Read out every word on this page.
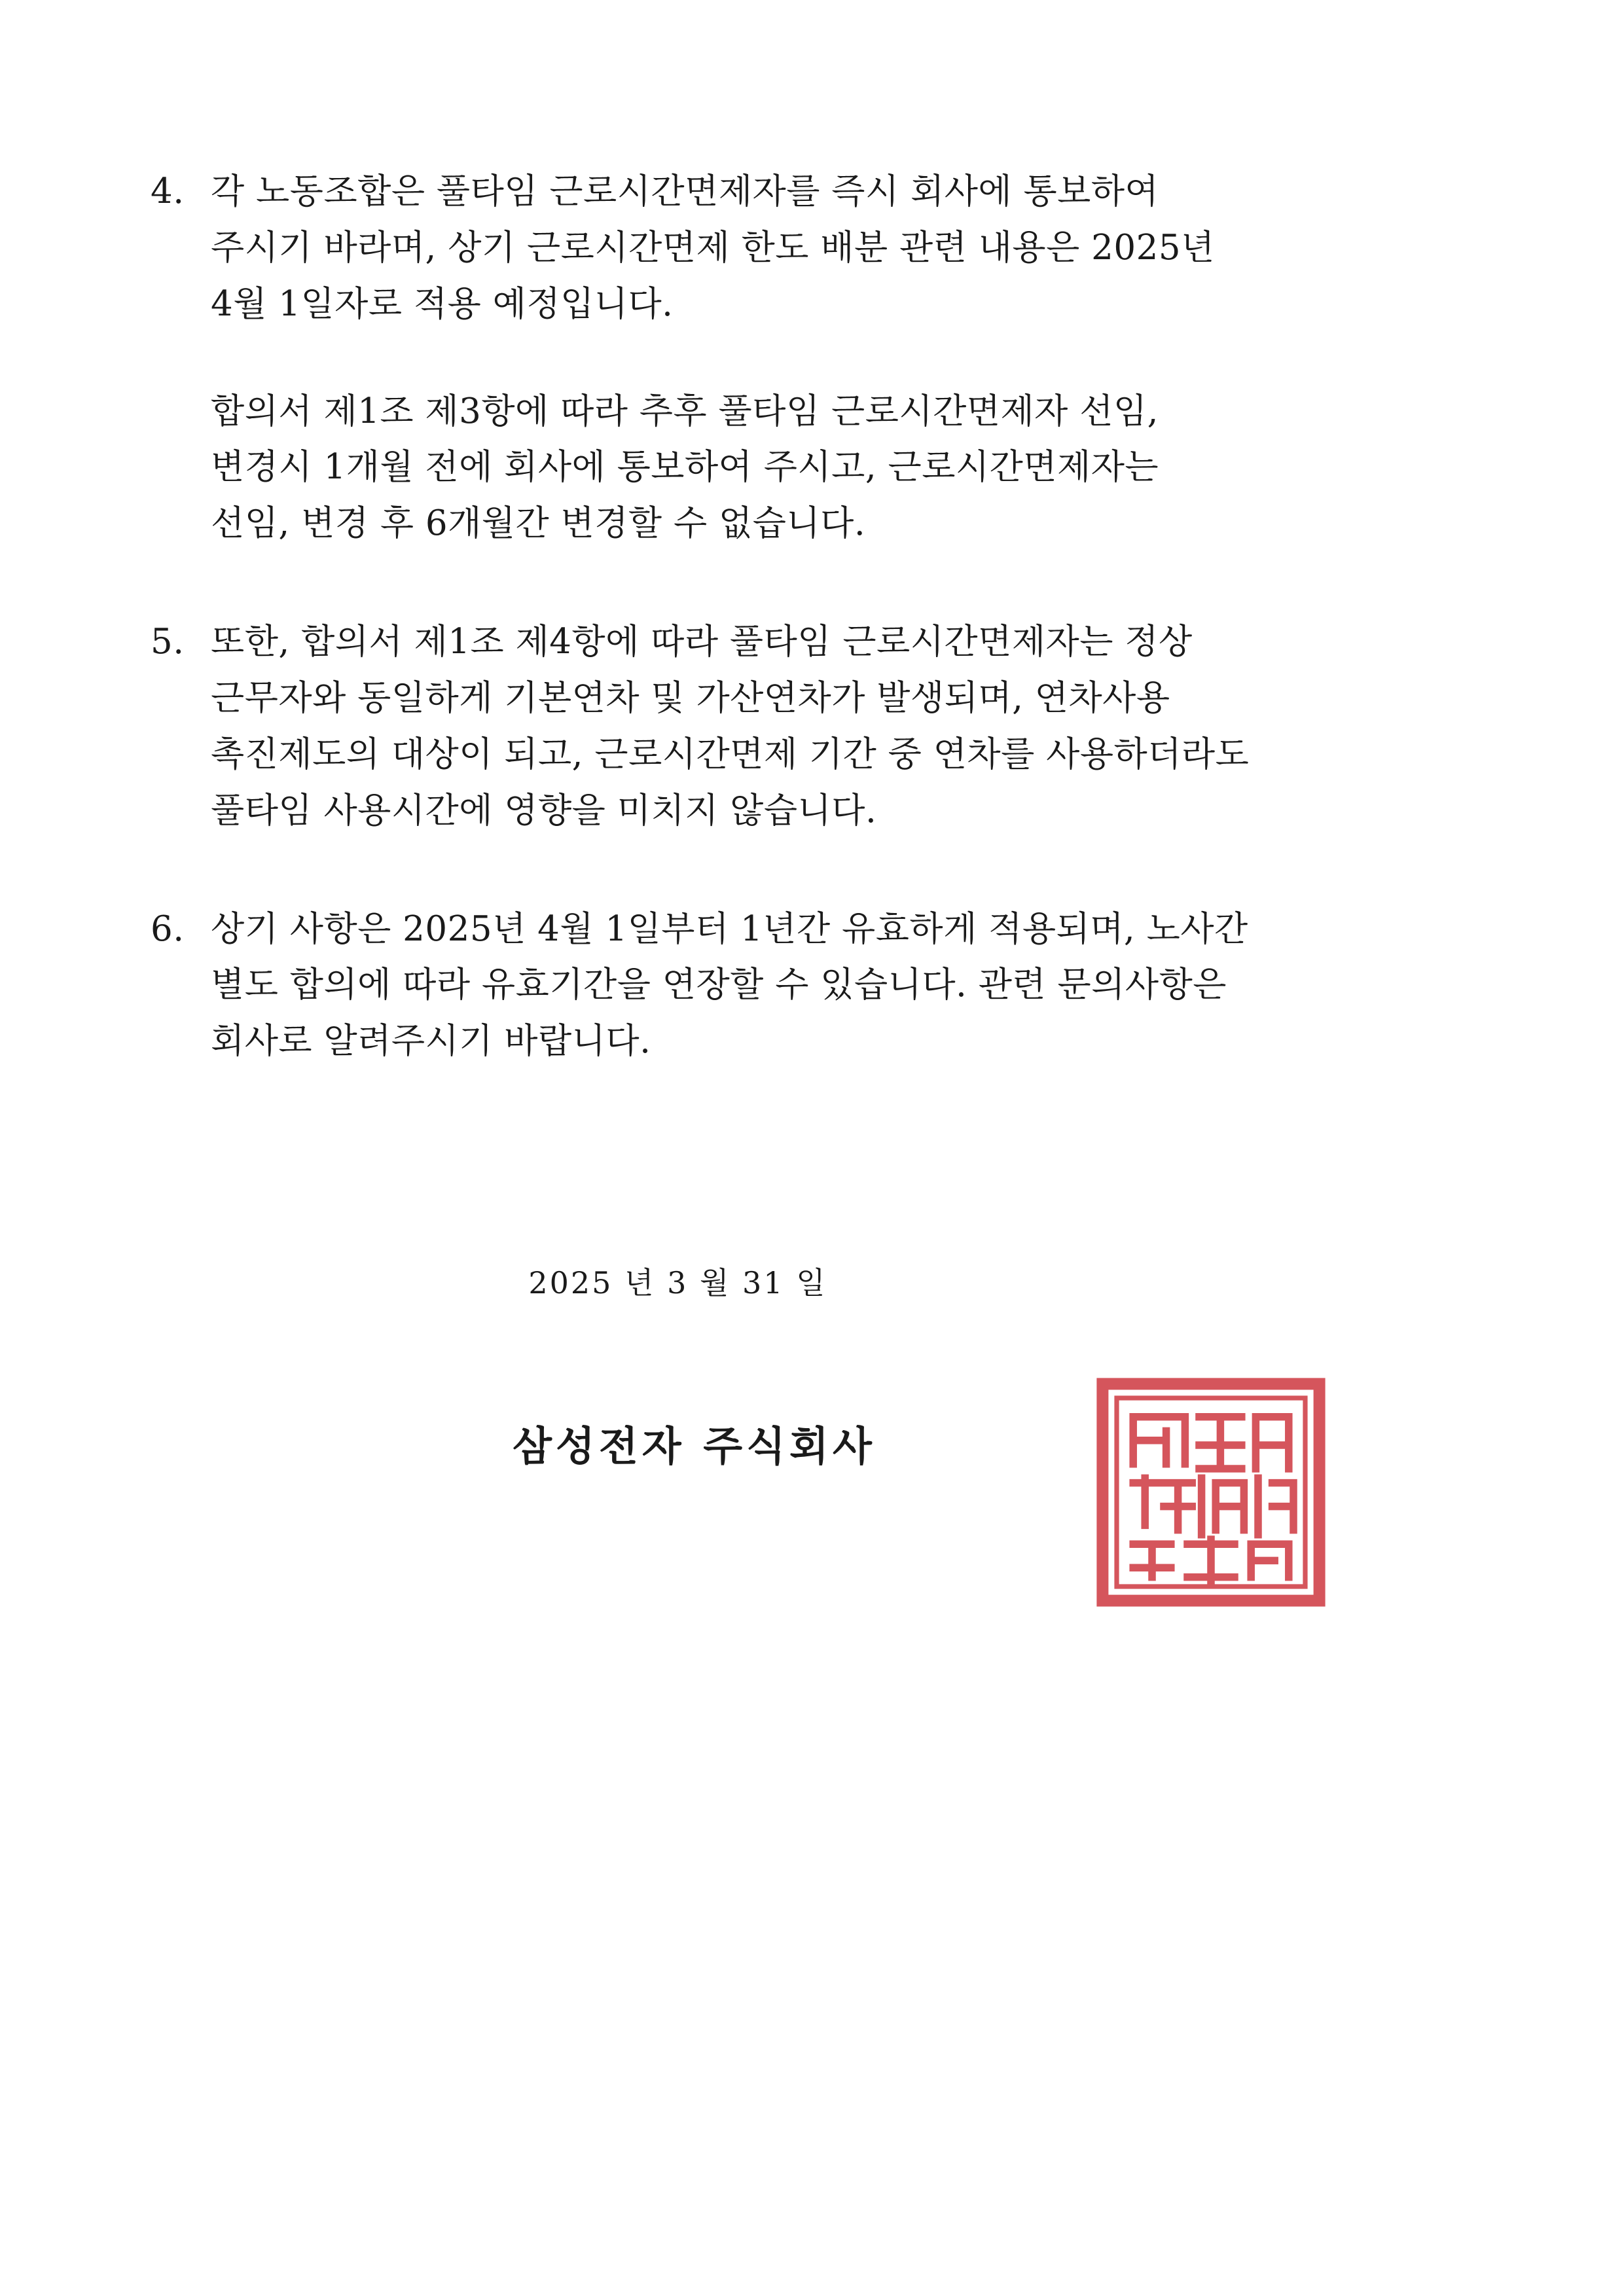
4. 각 노동조합은 풀타임 근로시간면제자를 즉시 회사에 통보하여
주시기 바라며, 상기 근로시간면제 한도 배분 관련 내용은 2025년
4월 1일자로 적용 예정입니다.
합의서 제1조 제3항에 따라 추후 풀타임 근로시간면제자 선임,
변경시 1개월 전에 회사에 통보하여 주시고, 근로시간면제자는
선임, 변경 후 6개월간 변경할 수 없습니다.
5. 또한, 합의서 제1조 제4항에 따라 풀타임 근로시간면제자는 정상
근무자와 동일하게 기본연차 및 가산연차가 발생되며, 연차사용
촉진제도의 대상이 되고, 근로시간면제 기간 중 연차를 사용하더라도
풀타임 사용시간에 영향을 미치지 않습니다.
6. 상기 사항은 2025년 4월 1일부터 1년간 유효하게 적용되며, 노사간
별도 합의에 따라 유효기간을 연장할 수 있습니다. 관련 문의사항은
회사로 알려주시기 바랍니다.
2025 년 3 월 31 일
삼성전자 주식회사
